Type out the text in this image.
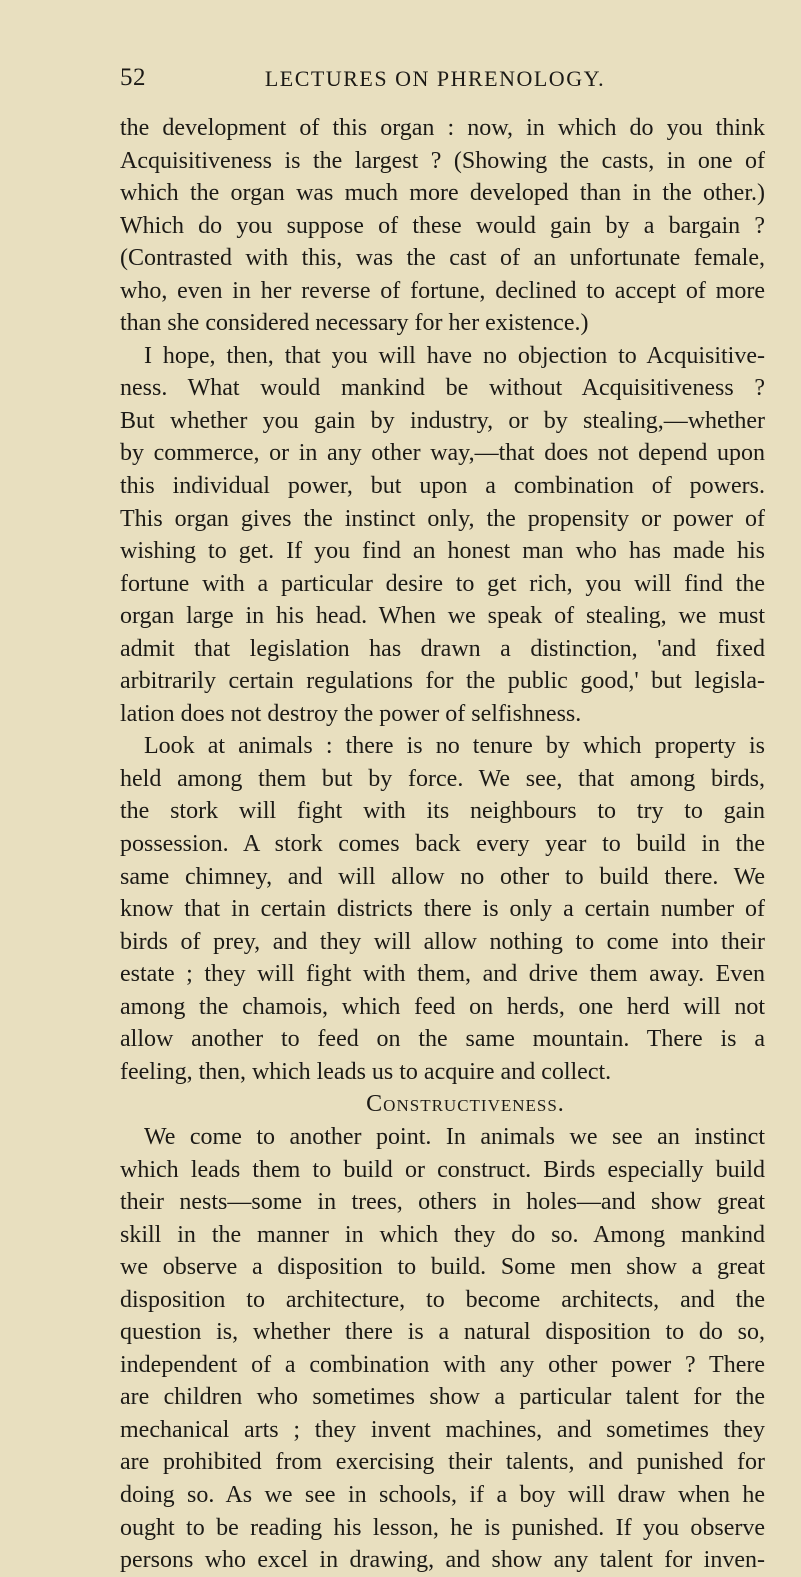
52	LECTURES ON PHRENOLOGY.
the development of this organ : now, in which do you think
Acquisitiveness is the largest ? (Showing the casts, in one of
which the organ was much more developed than in the other.)
Which do you suppose of these would gain by a bargain ?
(Contrasted with this, was the cast of an unfortunate female,
who, even in her reverse of fortune, declined to accept of more
than she considered necessary for her existence.)
I hope, then, that you will have no objection to Acquisitive-
ness. What would mankind be without Acquisitiveness ?
But whether you gain by industry, or by stealing,—whether
by commerce, or in any other way,—that does not depend upon
this individual power, but upon a combination of powers.
This organ gives the instinct only, the propensity or power of
wishing to get. If you find an honest man who has made his
fortune with a particular desire to get rich, you will find the
organ large in his head. When we speak of stealing, we must
admit that legislation has drawn a distinction, 'and fixed
arbitrarily certain regulations for the public good,' but legisla-
lation does not destroy the power of selfishness.
Look at animals : there is no tenure by which property is
held among them but by force. We see, that among birds,
the stork will fight with its neighbours to try to gain
possession. A stork comes back every year to build in the
same chimney, and will allow no other to build there. We
know that in certain districts there is only a certain number of
birds of prey, and they will allow nothing to come into their
estate ; they will fight with them, and drive them away. Even
among the chamois, which feed on herds, one herd will not
allow another to feed on the same mountain. There is a
feeling, then, which leads us to acquire and collect.
Constructiveness.
We come to another point. In animals we see an instinct
which leads them to build or construct. Birds especially build
their nests—some in trees, others in holes—and show great
skill in the manner in which they do so. Among mankind
we observe a disposition to build. Some men show a great
disposition to architecture, to become architects, and the
question is, whether there is a natural disposition to do so,
independent of a combination with any other power ? There
are children who sometimes show a particular talent for the
mechanical arts ; they invent machines, and sometimes they
are prohibited from exercising their talents, and punished for
doing so. As we see in schools, if a boy will draw when he
ought to be reading his lesson, he is punished. If you observe
persons who excel in drawing, and show any talent for inven-
